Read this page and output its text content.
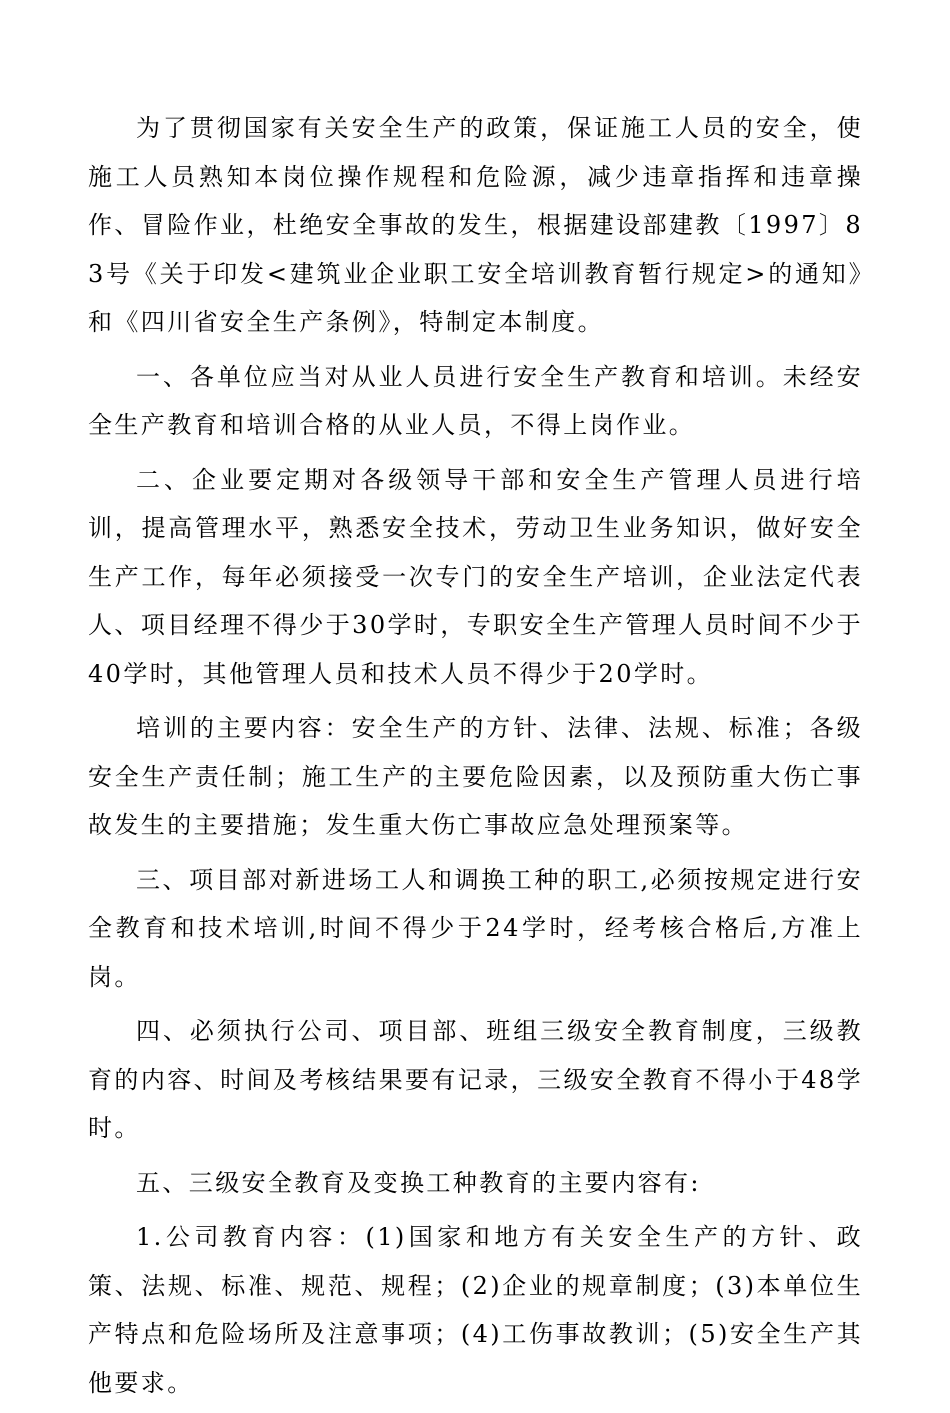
为了贯彻国家有关安全生产的政策，保证施工人员的安全，使施工人员熟知本岗位操作规程和危险源，减少违章指挥和违章操作、冒险作业，杜绝安全事故的发生，根据建设部建教〔1997〕83号《关于印发<建筑业企业职工安全培训教育暂行规定>的通知》和《四川省安全生产条例》，特制定本制度。

一、各单位应当对从业人员进行安全生产教育和培训。未经安全生产教育和培训合格的从业人员，不得上岗作业。

二、企业要定期对各级领导干部和安全生产管理人员进行培训，提高管理水平，熟悉安全技术，劳动卫生业务知识，做好安全生产工作，每年必须接受一次专门的安全生产培训，企业法定代表人、项目经理不得少于30学时，专职安全生产管理人员时间不少于40学时，其他管理人员和技术人员不得少于20学时。

培训的主要内容：安全生产的方针、法律、法规、标准；各级安全生产责任制；施工生产的主要危险因素，以及预防重大伤亡事故发生的主要措施；发生重大伤亡事故应急处理预案等。

三、项目部对新进场工人和调换工种的职工,必须按规定进行安全教育和技术培训,时间不得少于24学时，经考核合格后,方准上岗。

四、必须执行公司、项目部、班组三级安全教育制度，三级教育的内容、时间及考核结果要有记录，三级安全教育不得小于48学时。

五、三级安全教育及变换工种教育的主要内容有:

1.公司教育内容：(1)国家和地方有关安全生产的方针、政策、法规、标准、规范、规程；(2)企业的规章制度；(3)本单位生产特点和危险场所及注意事项；(4)工伤事故教训；(5)安全生产其他要求。
